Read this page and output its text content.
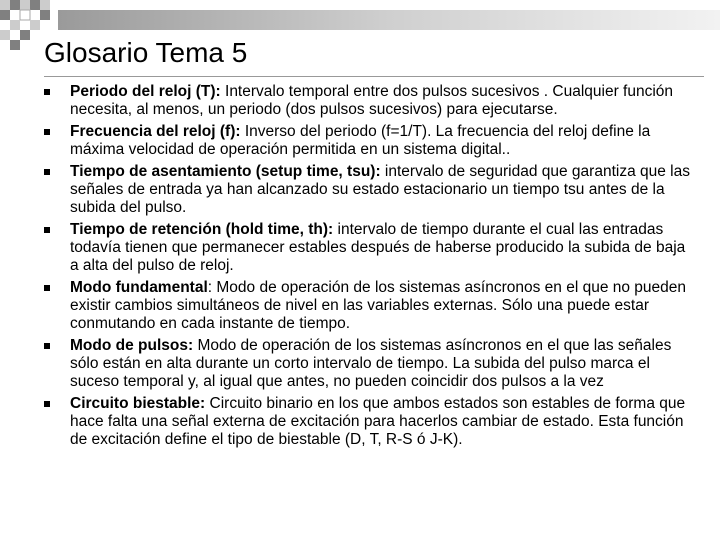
Glosario Tema 5
Periodo del reloj (T): Intervalo temporal entre dos pulsos sucesivos . Cualquier función necesita, al menos, un periodo (dos pulsos sucesivos) para ejecutarse.
Frecuencia del reloj (f): Inverso del periodo (f=1/T). La frecuencia del reloj define la máxima velocidad de operación permitida en un sistema digital..
Tiempo de asentamiento (setup time, tsu): intervalo de seguridad que garantiza que las señales de entrada ya han alcanzado su estado estacionario un tiempo tsu antes de la subida del pulso.
Tiempo de retención (hold time, th): intervalo de tiempo durante el cual las entradas todavía tienen que permanecer estables después de haberse producido la subida de baja a alta del pulso de reloj.
Modo fundamental: Modo de operación de los sistemas asíncronos en el que no pueden existir cambios simultáneos de nivel en las variables externas. Sólo una puede estar conmutando en cada instante de tiempo.
Modo de pulsos: Modo de operación de los sistemas asíncronos en el que las señales sólo están en alta durante un corto intervalo de tiempo. La subida del pulso marca el suceso temporal y, al igual que antes, no pueden coincidir dos pulsos a la vez
Circuito biestable: Circuito binario en los que ambos estados son estables de forma que hace falta una señal externa de excitación para hacerlos cambiar de estado. Esta función de excitación define el tipo de biestable (D, T, R-S ó J-K).
